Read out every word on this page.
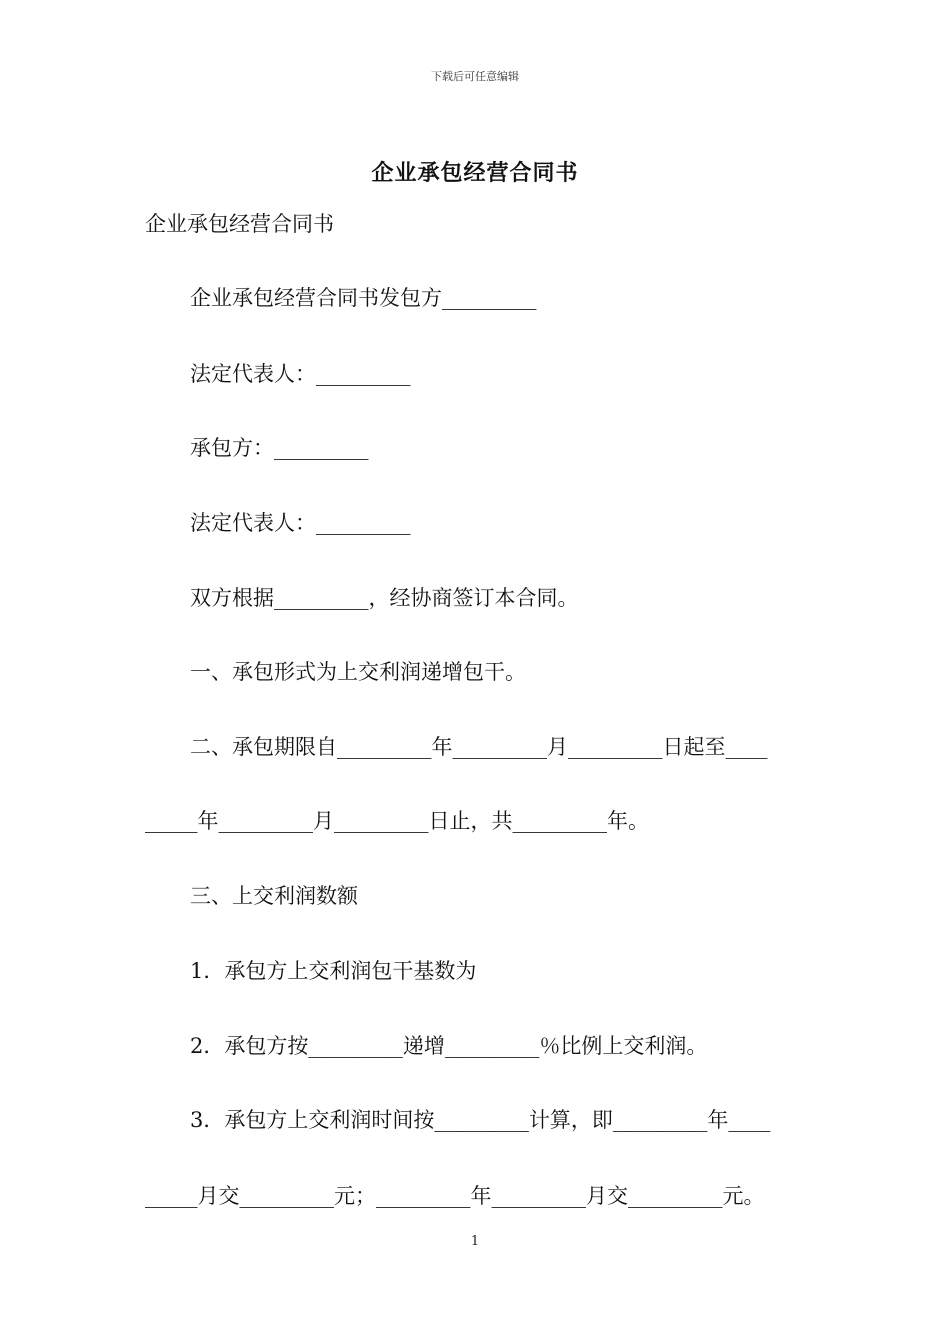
下载后可任意编辑
企业承包经营合同书
企业承包经营合同书
企业承包经营合同书发包方_________
法定代表人：_________
承包方：_________
法定代表人：_________
双方根据_________，经协商签订本合同。
一、承包形式为上交利润递增包干。
二、承包期限自_________年_________月_________日起至____
_____年_________月_________日止，共_________年。
三、上交利润数额
1．承包方上交利润包干基数为
2．承包方按_________递增_________％比例上交利润。
3．承包方上交利润时间按_________计算，即_________年____
_____月交_________元；_________年_________月交_________元。
1
